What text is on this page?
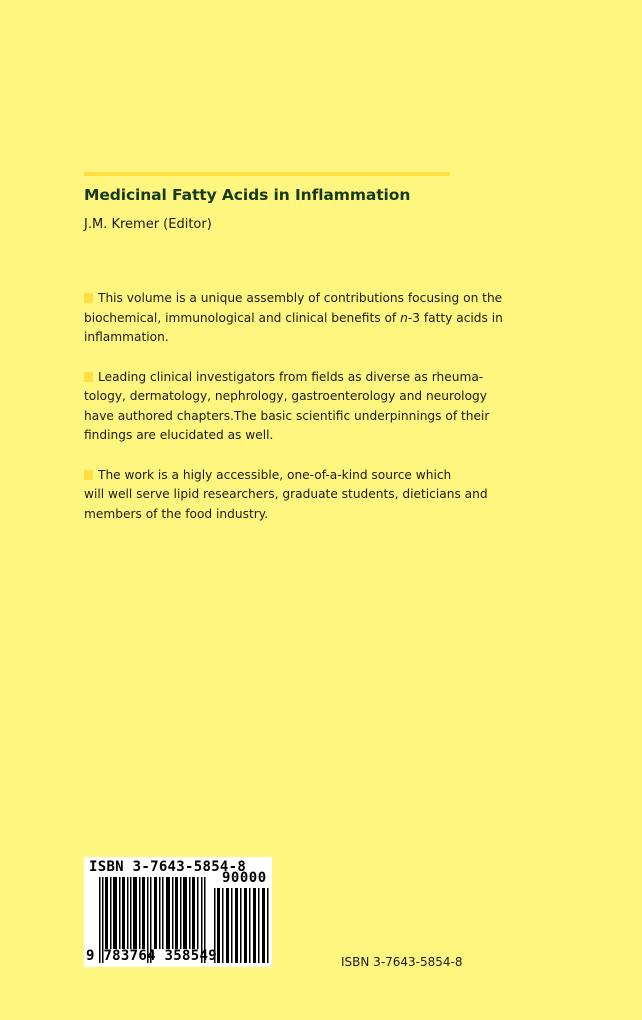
Medicinal Fatty Acids in Inflammation
J.M. Kremer (Editor)

This volume is a unique assembly of contributions focusing on the
biochemical, immunological and clinical benefits of n-3 fatty acids in
inflammation.

Leading clinical investigators from fields as diverse as rheuma-
tology, dermatology, nephrology, gastroenterology and neurology
have authored chapters.The basic scientific underpinnings of their
findings are elucidated as well.

The work is a higly accessible, one-of-a-kind source which
will well serve lipid researchers, graduate students, dieticians and
members of the food industry.

ISBN 3-7643-5854-8
90000
9 783764 358549	ISBN 3-7643-5854-8
